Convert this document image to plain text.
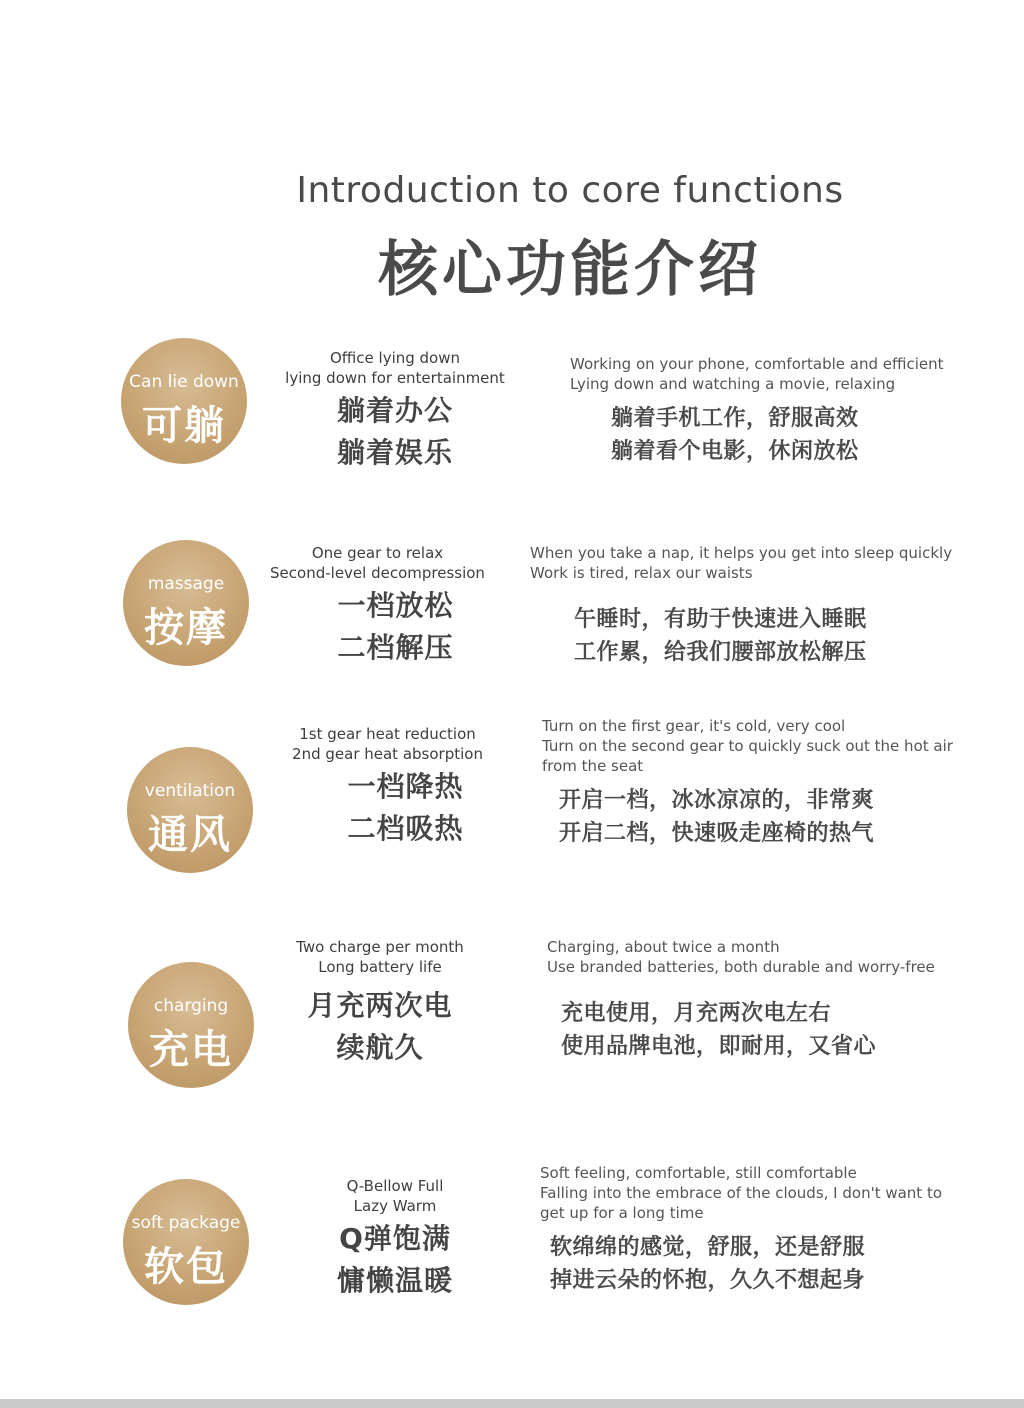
Introduction to core functions
核心功能介绍
Can lie down
可躺
Office lying down
lying down for entertainment
躺着办公
躺着娱乐
Working on your phone, comfortable and efficient
Lying down and watching a movie, relaxing
躺着手机工作，舒服高效
躺着看个电影，休闲放松
massage
按摩
One gear to relax
Second-level decompression
一档放松
二档解压
When you take a nap, it helps you get into sleep quickly
Work is tired, relax our waists
午睡时，有助于快速进入睡眠
工作累，给我们腰部放松解压
ventilation
通风
1st gear heat reduction
2nd gear heat absorption
一档降热
二档吸热
Turn on the first gear, it's cold, very cool
Turn on the second gear to quickly suck out the hot air
from the seat
开启一档，冰冰凉凉的，非常爽
开启二档，快速吸走座椅的热气
charging
充电
Two charge per month
Long battery life
月充两次电
续航久
Charging, about twice a month
Use branded batteries, both durable and worry-free
充电使用，月充两次电左右
使用品牌电池，即耐用，又省心
soft package
软包
Q-Bellow Full
Lazy Warm
Q弹饱满
慵懒温暖
Soft feeling, comfortable, still comfortable
Falling into the embrace of the clouds, I don't want to
get up for a long time
软绵绵的感觉，舒服，还是舒服
掉进云朵的怀抱，久久不想起身
